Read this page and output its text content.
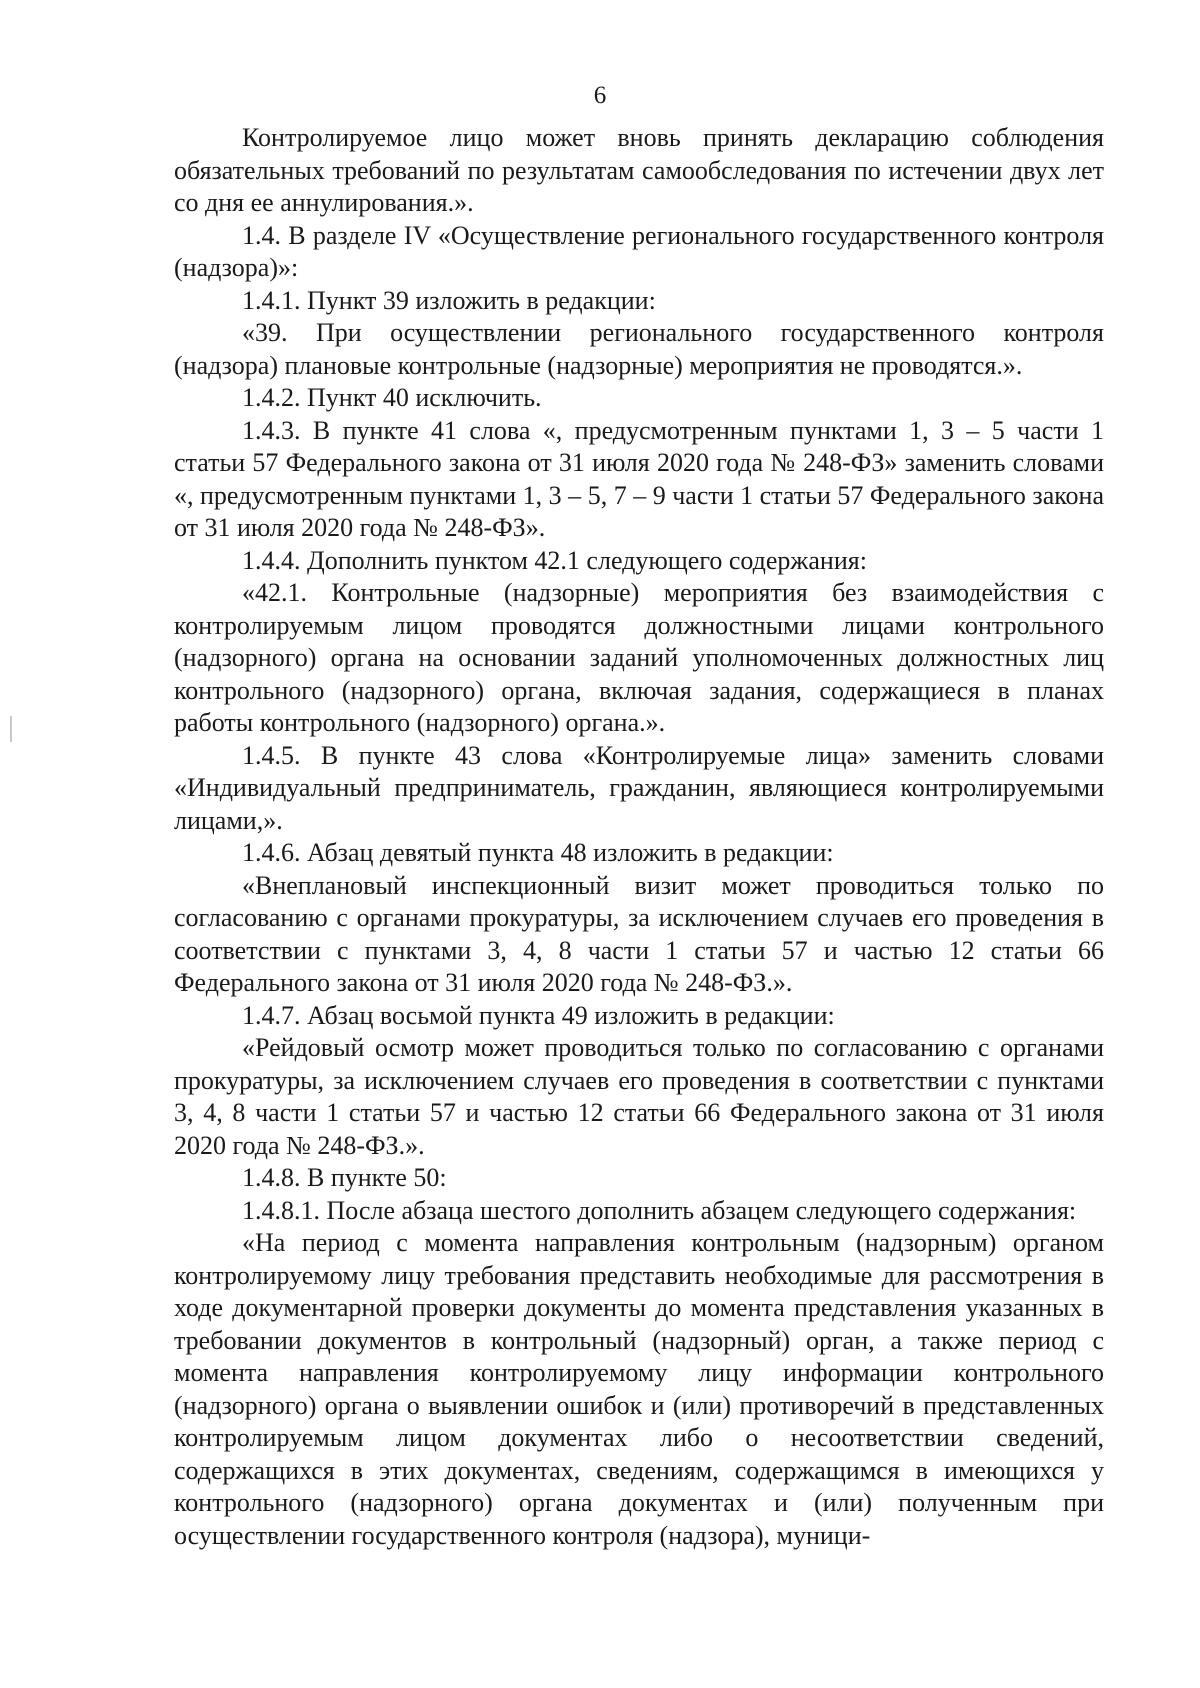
6

Контролируемое лицо может вновь принять декларацию соблюдения обязательных требований по результатам самообследования по истечении двух лет со дня ее аннулирования.».

1.4. В разделе IV «Осуществление регионального государственного контроля (надзора)»:

1.4.1. Пункт 39 изложить в редакции:

«39. При осуществлении регионального государственного контроля (надзора) плановые контрольные (надзорные) мероприятия не проводятся.».

1.4.2. Пункт 40 исключить.

1.4.3. В пункте 41 слова «, предусмотренным пунктами 1, 3 – 5 части 1 статьи 57 Федерального закона от 31 июля 2020 года № 248-ФЗ» заменить словами «, предусмотренным пунктами 1, 3 – 5, 7 – 9 части 1 статьи 57 Федерального закона от 31 июля 2020 года № 248-ФЗ».

1.4.4. Дополнить пунктом 42.1 следующего содержания:

«42.1. Контрольные (надзорные) мероприятия без взаимодействия с контролируемым лицом проводятся должностными лицами контрольного (надзорного) органа на основании заданий уполномоченных должностных лиц контрольного (надзорного) органа, включая задания, содержащиеся в планах работы контрольного (надзорного) органа.».

1.4.5. В пункте 43 слова «Контролируемые лица» заменить словами «Индивидуальный предприниматель, гражданин, являющиеся контролируемыми лицами,».

1.4.6. Абзац девятый пункта 48 изложить в редакции:

«Внеплановый инспекционный визит может проводиться только по согласованию с органами прокуратуры, за исключением случаев его проведения в соответствии с пунктами 3, 4, 8 части 1 статьи 57 и частью 12 статьи 66 Федерального закона от 31 июля 2020 года № 248-ФЗ.».

1.4.7. Абзац восьмой пункта 49 изложить в редакции:

«Рейдовый осмотр может проводиться только по согласованию с органами прокуратуры, за исключением случаев его проведения в соответствии с пунктами 3, 4, 8 части 1 статьи 57 и частью 12 статьи 66 Федерального закона от 31 июля 2020 года № 248-ФЗ.».

1.4.8. В пункте 50:

1.4.8.1. После абзаца шестого дополнить абзацем следующего содержания:

«На период с момента направления контрольным (надзорным) органом контролируемому лицу требования представить необходимые для рассмотрения в ходе документарной проверки документы до момента представления указанных в требовании документов в контрольный (надзорный) орган, а также период с момента направления контролируемому лицу информации контрольного (надзорного) органа о выявлении ошибок и (или) противоречий в представленных контролируемым лицом документах либо о несоответствии сведений, содержащихся в этих документах, сведениям, содержащимся в имеющихся у контрольного (надзорного) органа документах и (или) полученным при осуществлении государственного контроля (надзора), муници-
